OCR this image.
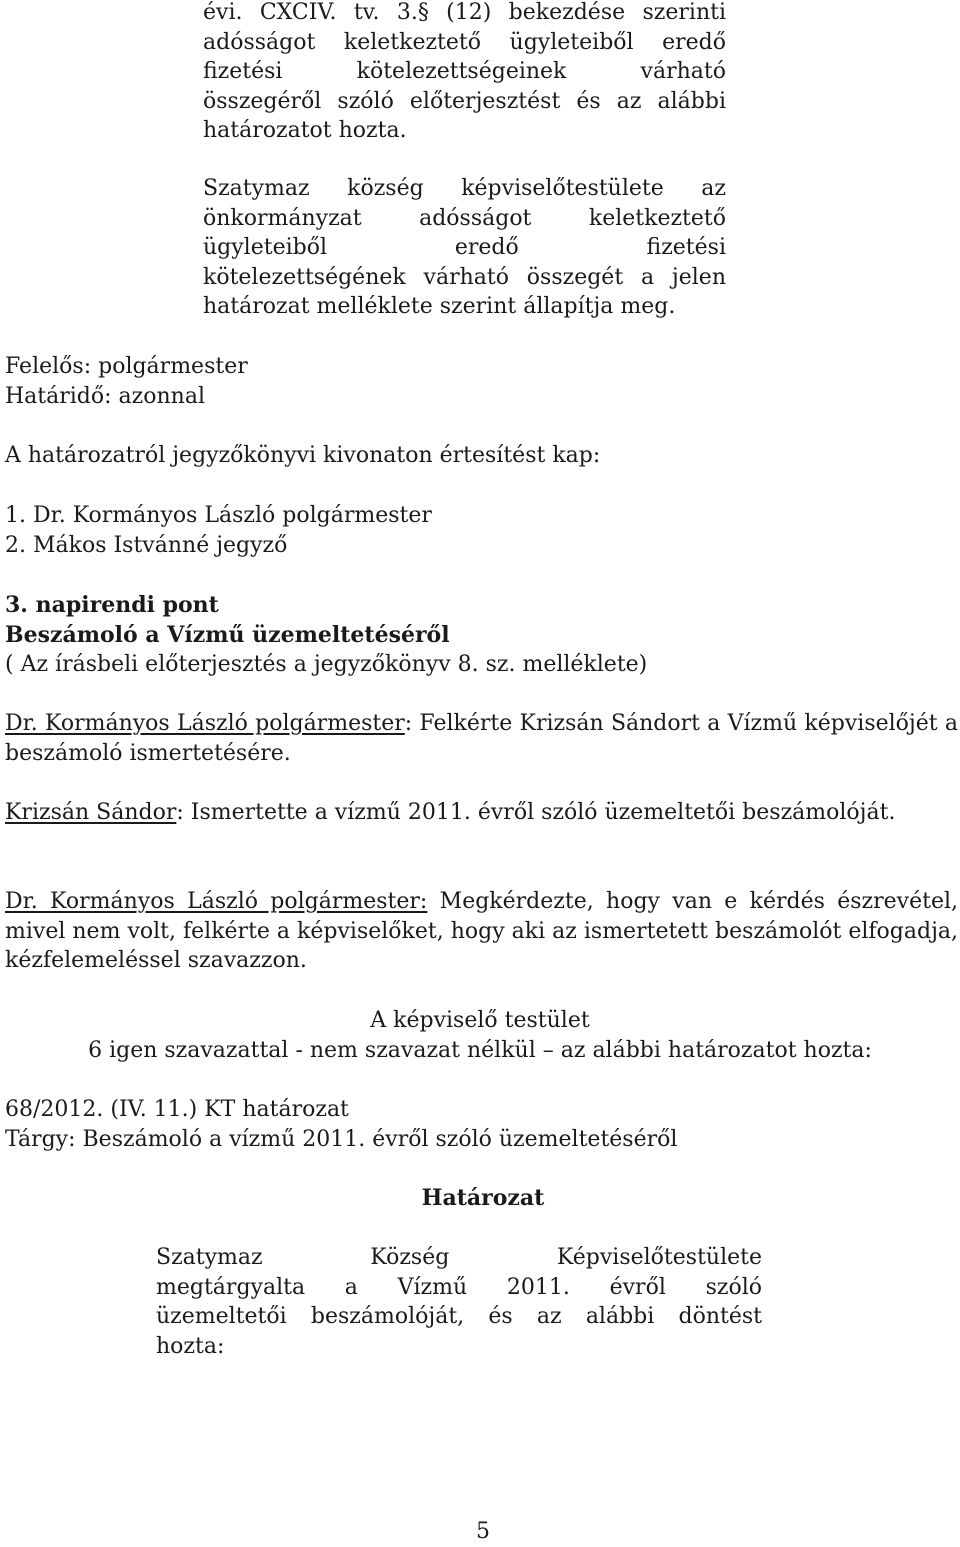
évi. CXCIV. tv. 3.§ (12) bekezdése szerinti

adósságot keletkeztető ügyleteiből eredő

fizetési kötelezettségeinek várható

összegéről szóló előterjesztést és az alábbi

határozatot hozta.

Szatymaz község képviselőtestülete az

önkormányzat adósságot keletkeztető

ügyleteiből eredő fizetési

kötelezettségének várható összegét a jelen

határozat melléklete szerint állapítja meg.

Felelős: polgármester

Határidő: azonnal

A határozatról jegyzőkönyvi kivonaton értesítést kap:

1. Dr. Kormányos László polgármester

2. Mákos Istvánné jegyző

3. napirendi pont

Beszámoló a Vízmű üzemeltetéséről

( Az írásbeli előterjesztés a jegyzőkönyv 8. sz. melléklete)

Dr. Kormányos László polgármester: Felkérte Krizsán Sándort a Vízmű képviselőjét a beszámoló ismertetésére.

Krizsán Sándor: Ismertette a vízmű 2011. évről szóló üzemeltetői beszámolóját.

Dr. Kormányos László polgármester: Megkérdezte, hogy van e kérdés észrevétel, mivel nem volt, felkérte a képviselőket, hogy aki az ismertetett beszámolót elfogadja, kézfelemeléssel szavazzon.

A képviselő testület

6 igen szavazattal - nem szavazat nélkül – az alábbi határozatot hozta:

68/2012. (IV. 11.) KT határozat

Tárgy: Beszámoló a vízmű 2011. évről szóló üzemeltetéséről

Határozat

Szatymaz Község Képviselőtestülete

megtárgyalta a Vízmű 2011. évről szóló

üzemeltetői beszámolóját, és az alábbi döntést

hozta:

5
